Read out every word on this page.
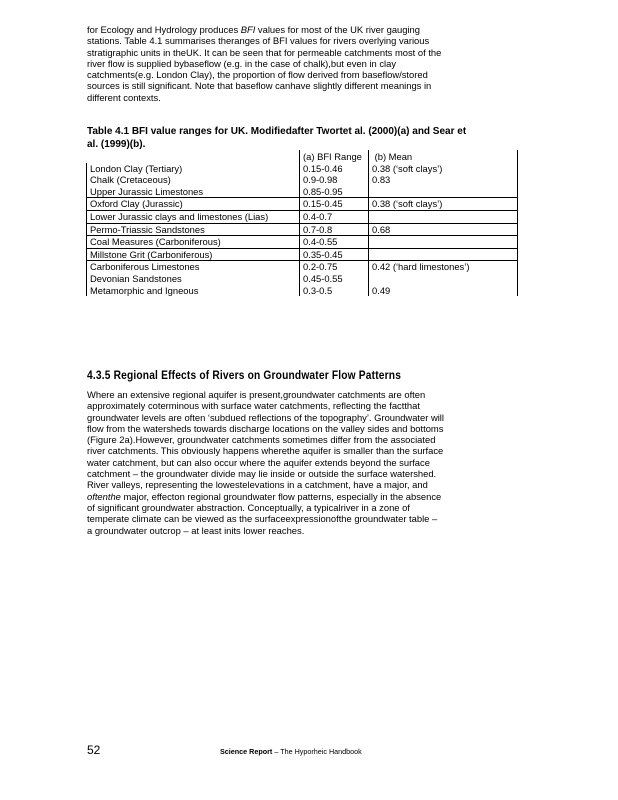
for Ecology and Hydrology produces BFI values for most of the UK river gauging
stations. Table 4.1 summarises theranges of BFI values for rivers overlying various
stratigraphic units in theUK. It can be seen that for permeable catchments most of the
river flow is supplied bybaseflow (e.g. in the case of chalk),but even in clay
catchments(e.g. London Clay), the proportion of flow derived from baseflow/stored
sources is still significant. Note that baseflow canhave slightly different meanings in
different contexts.
Table 4.1 BFI value ranges for UK. Modifiedafter Twortet al. (2000)(a) and Sear et
al. (1999)(b).
	(a) BFI Range	(b) Mean
London Clay (Tertiary)	0.15-0.46	0.38 (‘soft clays’)
Chalk (Cretaceous)	0.9-0.98	0.83
Upper Jurassic Limestones	0.85-0.95	
Oxford Clay (Jurassic)	0.15-0.45	0.38 (‘soft clays’)
Lower Jurassic clays and limestones (Lias)	0.4-0.7	
Permo-Triassic Sandstones	0.7-0.8	0.68
Coal Measures (Carboniferous)	0.4-0.55	
Millstone Grit (Carboniferous)	0.35-0.45	
Carboniferous Limestones	0.2-0.75	0.42 (‘hard limestones’)
Devonian Sandstones	0.45-0.55	
Metamorphic and Igneous	0.3-0.5	0.49
4.3.5 Regional Effects of Rivers on Groundwater Flow Patterns
Where an extensive regional aquifer is present,groundwater catchments are often
approximately coterminous with surface water catchments, reflecting the factthat
groundwater levels are often ‘subdued reflections of the topography’. Groundwater will
flow from the watersheds towards discharge locations on the valley sides and bottoms
(Figure 2a).However, groundwater catchments sometimes differ from the associated
river catchments. This obviously happens wherethe aquifer is smaller than the surface
water catchment, but can also occur where the aquifer extends beyond the surface
catchment – the groundwater divide may lie inside or outside the surface watershed.
River valleys, representing the lowestelevations in a catchment, have a major, and
oftenthe major, effecton regional groundwater flow patterns, especially in the absence
of significant groundwater abstraction. Conceptually, a typicalriver in a zone of
temperate climate can be viewed as the surfaceexpressionofthe groundwater table –
a groundwater outcrop – at least inits lower reaches.
52	Science Report – The Hyporheic Handbook
